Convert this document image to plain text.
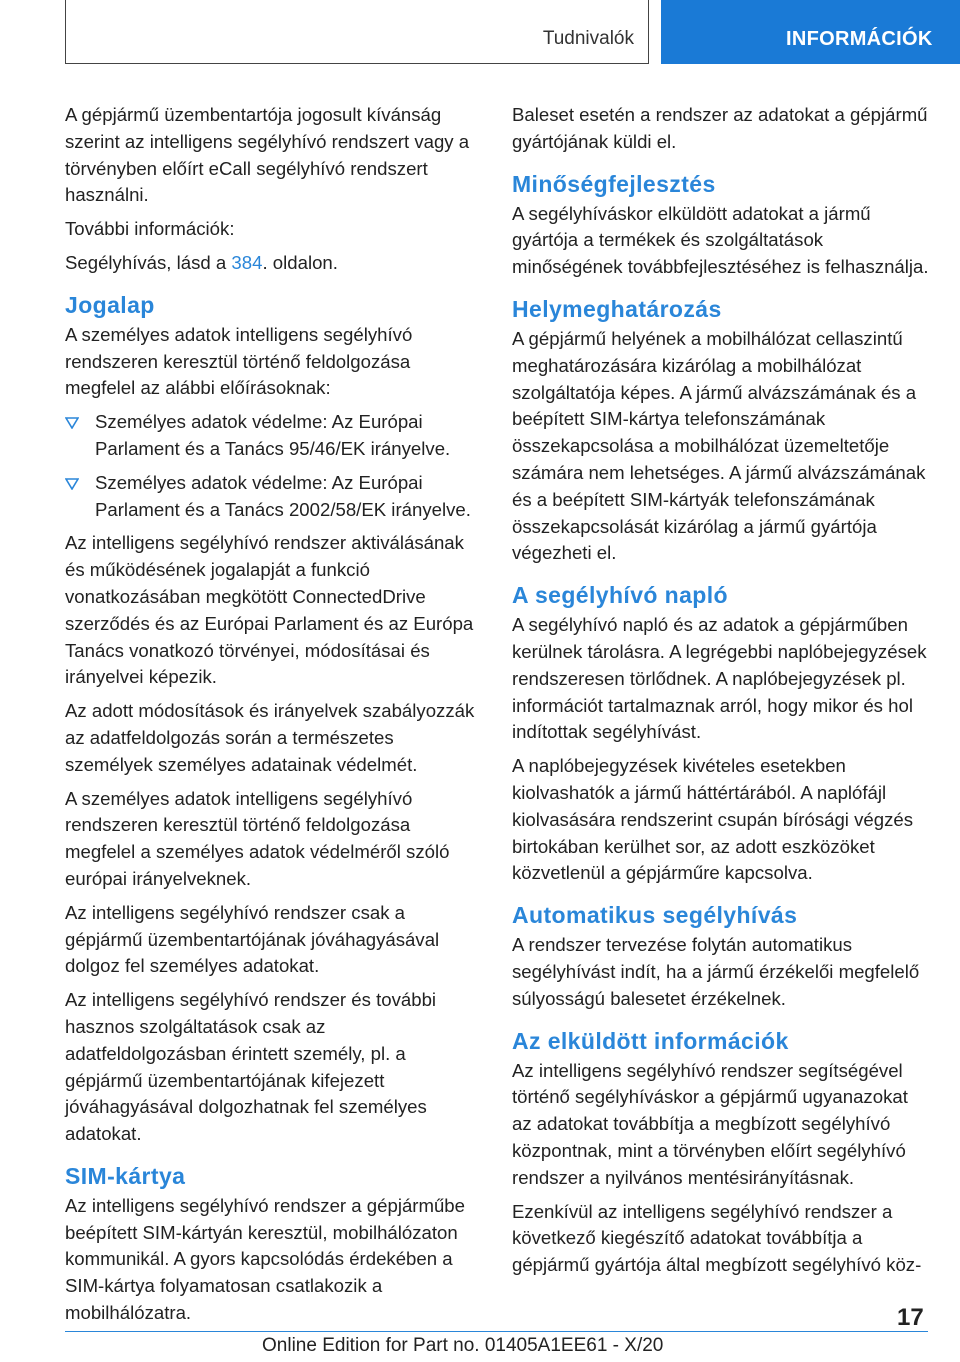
Tudnivalók	INFORMÁCIÓK

A gépjármű üzembentartója jogosult kívánság szerint az intelligens segélyhívó rendszert vagy a törvényben előírt eCall segélyhívó rendszert használni.

További információk:

Segélyhívás, lásd a 384. oldalon.

Jogalap

A személyes adatok intelligens segélyhívó rendszeren keresztül történő feldolgozása megfelel az alábbi előírásoknak:

Személyes adatok védelme: Az Európai Parlament és a Tanács 95/46/EK irányelve.
Személyes adatok védelme: Az Európai Parlament és a Tanács 2002/58/EK irányelve.

Az intelligens segélyhívó rendszer aktiválásának és működésének jogalapját a funkció vonatkozásában megkötött ConnectedDrive szerződés és az Európai Parlament és az Európa Tanács vonatkozó törvényei, módosításai és irányelvei képezik.

Az adott módosítások és irányelvek szabályozzák az adatfeldolgozás során a természetes személyek személyes adatainak védelmét.

A személyes adatok intelligens segélyhívó rendszeren keresztül történő feldolgozása megfelel a személyes adatok védelméről szóló európai irányelveknek.

Az intelligens segélyhívó rendszer csak a gépjármű üzembentartójának jóváhagyásával dolgoz fel személyes adatokat.

Az intelligens segélyhívó rendszer és további hasznos szolgáltatások csak az adatfeldolgozásban érintett személy, pl. a gépjármű üzembentartójának kifejezett jóváhagyásával dolgozhatnak fel személyes adatokat.

SIM-kártya

Az intelligens segélyhívó rendszer a gépjárműbe beépített SIM-kártyán keresztül, mobilhálózaton kommunikál. A gyors kapcsolódás érdekében a SIM-kártya folyamatosan csatlakozik a mobilhálózatra.

Baleset esetén a rendszer az adatokat a gépjármű gyártójának küldi el.

Minőségfejlesztés

A segélyhíváskor elküldött adatokat a jármű gyártója a termékek és szolgáltatások minőségének továbbfejlesztéséhez is felhasználja.

Helymeghatározás

A gépjármű helyének a mobilhálózat cellaszintű meghatározására kizárólag a mobilhálózat szolgáltatója képes. A jármű alvázszámának és a beépített SIM-kártya telefonszámának összekapcsolása a mobilhálózat üzemeltetője számára nem lehetséges. A jármű alvázszámának és a beépített SIM-kártyák telefonszámának összekapcsolását kizárólag a jármű gyártója végezheti el.

A segélyhívó napló

A segélyhívó napló és az adatok a gépjárműben kerülnek tárolásra. A legrégebbi naplóbejegyzések rendszeresen törlődnek. A naplóbejegyzések pl. információt tartalmaznak arról, hogy mikor és hol indítottak segélyhívást.

A naplóbejegyzések kivételes esetekben kiolvashatók a jármű háttértárából. A naplófájl kiolvasására rendszerint csupán bírósági végzés birtokában kerülhet sor, az adott eszközöket közvetlenül a gépjárműre kapcsolva.

Automatikus segélyhívás

A rendszer tervezése folytán automatikus segélyhívást indít, ha a jármű érzékelői megfelelő súlyosságú balesetet érzékelnek.

Az elküldött információk

Az intelligens segélyhívó rendszer segítségével történő segélyhíváskor a gépjármű ugyanazokat az adatokat továbbítja a megbízott segélyhívó központnak, mint a törvényben előírt segélyhívó rendszer a nyilvános mentésirányításnak.

Ezenkívül az intelligens segélyhívó rendszer a következő kiegészítő adatokat továbbítja a gépjármű gyártója által megbízott segélyhívó köz-

17
Online Edition for Part no. 01405A1EE61 - X/20
